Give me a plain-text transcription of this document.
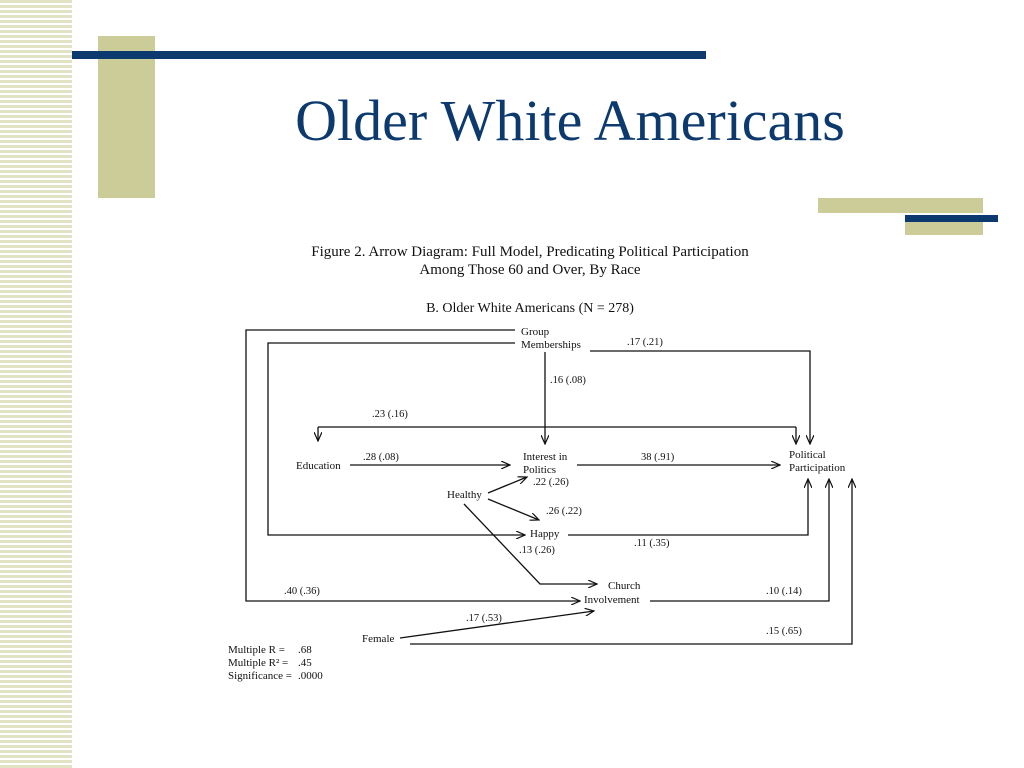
Older White Americans
Figure 2. Arrow Diagram: Full Model, Predicating Political Participation
Among Those 60 and Over, By Race
B. Older White Americans (N = 278)
Group
Memberships
Education
Interest in
Politics
Political
Participation
Healthy
Happy
Church
Involvement
Female
.17 (.21)
.16 (.08)
.23 (.16)
.28 (.08)	38 (.91)
.22 (.26)
.26 (.22)
.11 (.35)
.13 (.26)
.40 (.36)	.10 (.14)
.17 (.53)
.15 (.65)
Multiple R =	.68
Multiple R² = .45
Significance = .0000
